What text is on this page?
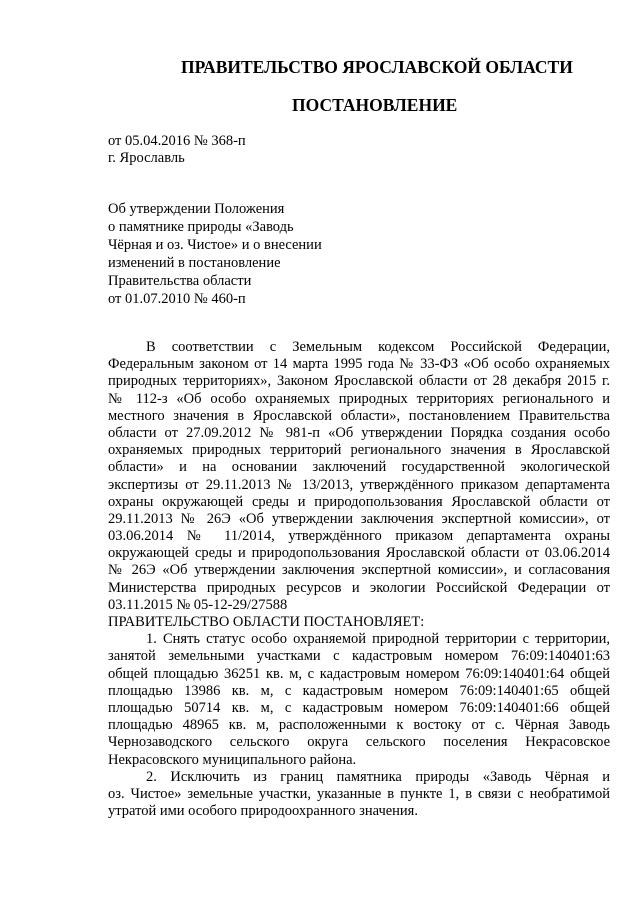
ПРАВИТЕЛЬСТВО ЯРОСЛАВСКОЙ ОБЛАСТИ
ПОСТАНОВЛЕНИЕ
от 05.04.2016 № 368-п
г. Ярославль
Об утверждении Положения
о памятнике природы «Заводь
Чёрная и оз. Чистое» и о внесении
изменений в постановление
Правительства области
от 01.07.2010 № 460-п
В соответствии с Земельным кодексом Российской Федерации,
Федеральным законом от 14 марта 1995 года № 33-ФЗ «Об особо охраняемых
природных территориях», Законом Ярославской области от 28 декабря 2015 г.
№ 112-з «Об особо охраняемых природных территориях регионального и
местного значения в Ярославской области», постановлением Правительства
области от 27.09.2012 № 981-п «Об утверждении Порядка создания особо
охраняемых природных территорий регионального значения в Ярославской
области» и на основании заключений государственной экологической
экспертизы от 29.11.2013 № 13/2013, утверждённого приказом департамента
охраны окружающей среды и природопользования Ярославской области от
29.11.2013 № 26Э «Об утверждении заключения экспертной комиссии», от
03.06.2014 № 11/2014, утверждённого приказом департамента охраны
окружающей среды и природопользования Ярославской области от 03.06.2014
№ 26Э «Об утверждении заключения экспертной комиссии», и согласования
Министерства природных ресурсов и экологии Российской Федерации от
03.11.2015 № 05-12-29/27588
ПРАВИТЕЛЬСТВО ОБЛАСТИ ПОСТАНОВЛЯЕТ:
1. Снять статус особо охраняемой природной территории с территории,
занятой земельными участками с кадастровым номером 76:09:140401:63
общей площадью 36251 кв. м, с кадастровым номером 76:09:140401:64 общей
площадью 13986 кв. м, с кадастровым номером 76:09:140401:65 общей
площадью 50714 кв. м, с кадастровым номером 76:09:140401:66 общей
площадью 48965 кв. м, расположенными к востоку от с. Чёрная Заводь
Чернозаводского сельского округа сельского поселения Некрасовское
Некрасовского муниципального района.
2. Исключить из границ памятника природы «Заводь Чёрная и
оз. Чистое» земельные участки, указанные в пункте 1, в связи с необратимой
утратой ими особого природоохранного значения.
